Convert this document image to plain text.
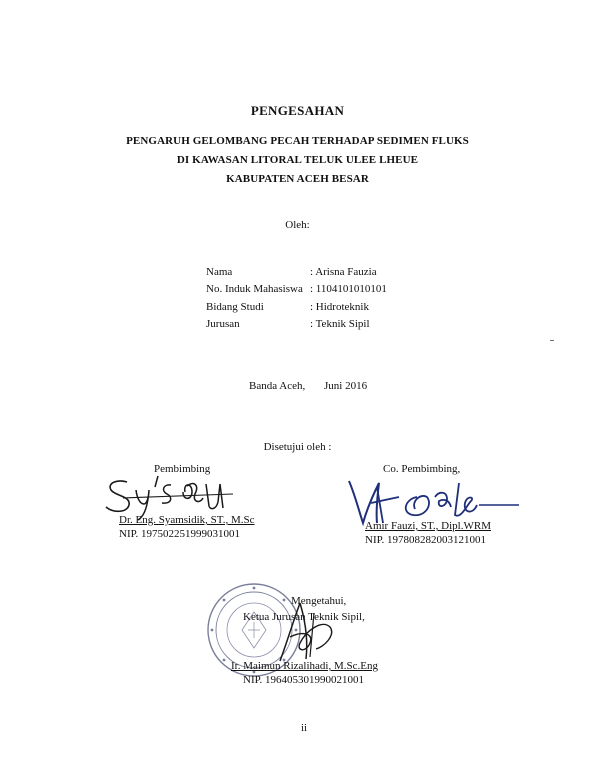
PENGESAHAN
PENGARUH GELOMBANG PECAH TERHADAP SEDIMEN FLUKS
DI KAWASAN LITORAL TELUK ULEE LHEUE
KABUPATEN ACEH BESAR
Oleh:
Nama	: Arisna Fauzia
No. Induk Mahasiswa : 1104101010101
Bidang Studi	: Hidroteknik
Jurusan	: Teknik Sipil
Banda Aceh, Juni 2016
Disetujui oleh :
Pembimbing
Dr. Eng. Syamsidik, ST., M.Sc
NIP. 197502251999031001
Co. Pembimbing,
Amir Fauzi, ST., Dipl.WRM
NIP. 197808282003121001
Mengetahui,
Ketua Jurusan Teknik Sipil,
Ir. Maimun Rizalihadi, M.Sc.Eng
NIP. 196405301990021001
ii
